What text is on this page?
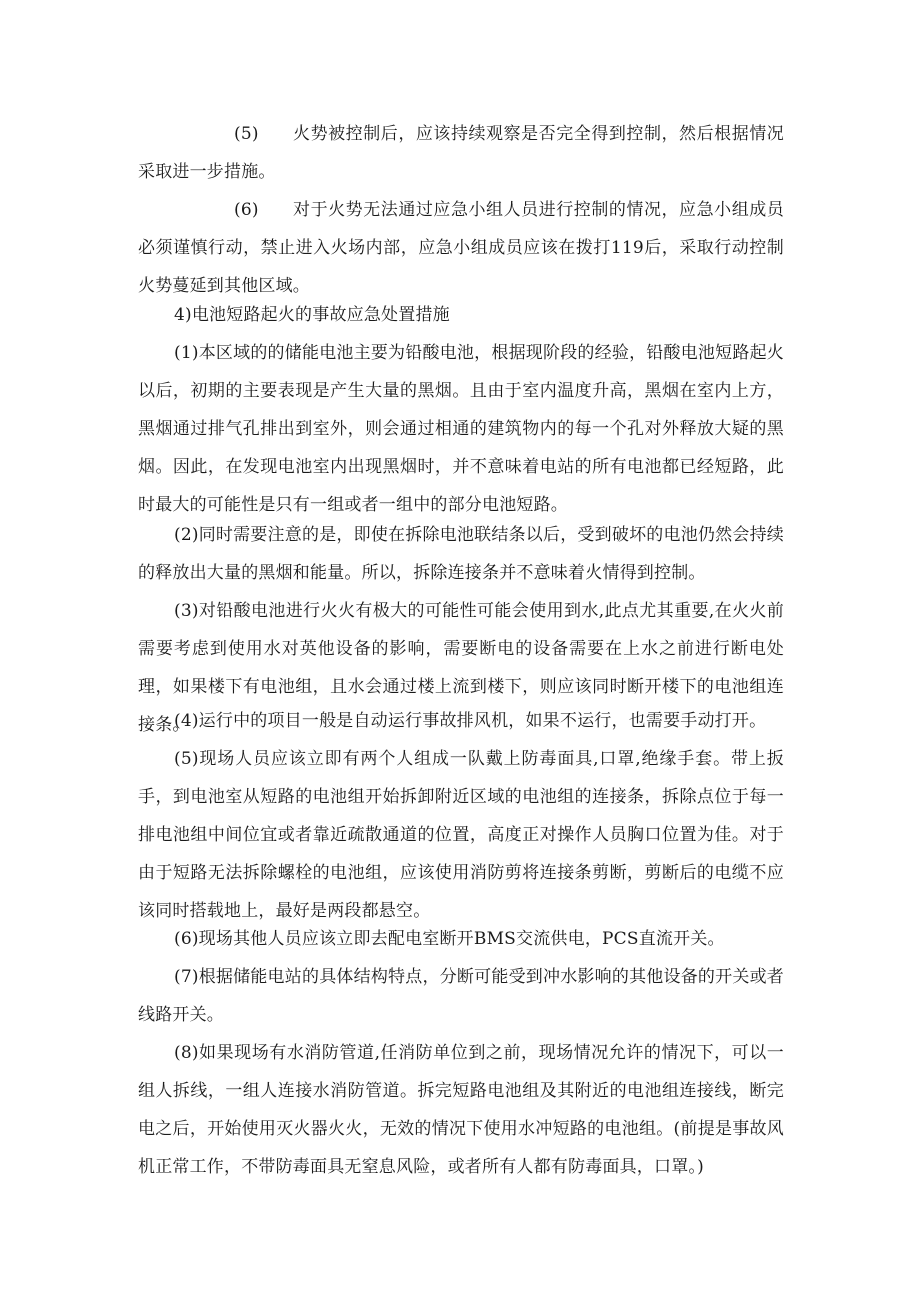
(5) 火势被控制后，应该持续观察是否完全得到控制，然后根据情况采取进一步措施。
(6) 对于火势无法通过应急小组人员进行控制的情况，应急小组成员必须谨慎行动，禁止进入火场内部，应急小组成员应该在拨打119后，采取行动控制火势蔓延到其他区域。
4)电池短路起火的事故应急处置措施
(1)本区域的的储能电池主要为铅酸电池，根据现阶段的经验，铅酸电池短路起火以后，初期的主要表现是产生大量的黑烟。且由于室内温度升高，黑烟在室内上方，黑烟通过排气孔排出到室外，则会通过相通的建筑物内的每一个孔对外释放大疑的黑烟。因此，在发现电池室内出现黑烟时，并不意味着电站的所有电池都已经短路，此时最大的可能性是只有一组或者一组中的部分电池短路。
(2)同时需要注意的是，即使在拆除电池联结条以后，受到破坏的电池仍然会持续的释放出大量的黑烟和能量。所以，拆除连接条并不意味着火情得到控制。
(3)对铅酸电池进行火火有极大的可能性可能会使用到水,此点尤其重要,在火火前需要考虑到使用水对英他设备的影响，需要断电的设备需要在上水之前进行断电处理，如果楼下有电池组，且水会通过楼上流到楼下，则应该同时断开楼下的电池组连接条。
(4)运行中的项目一般是自动运行事故排风机，如果不运行，也需要手动打开。
(5)现场人员应该立即有两个人组成一队戴上防毒面具,口罩,绝缘手套。带上扳手，到电池室从短路的电池组开始拆卸附近区域的电池组的连接条，拆除点位于每一排电池组中间位宜或者靠近疏散通道的位置，高度正对操作人员胸口位置为佳。对于由于短路无法拆除螺栓的电池组，应该使用消防剪将连接条剪断，剪断后的电缆不应该同时搭载地上，最好是两段都悬空。
(6)现场其他人员应该立即去配电室断开BMS交流供电，PCS直流开关。
(7)根据储能电站的具体结构特点，分断可能受到冲水影响的其他设备的开关或者线路开关。
(8)如果现场有水消防管道,任消防单位到之前，现场情况允许的情况下，可以一组人拆线，一组人连接水消防管道。拆完短路电池组及其附近的电池组连接线，断完电之后，开始使用灭火器火火，无效的情况下使用水冲短路的电池组。(前提是事故风机正常工作，不带防毒面具无窒息风险，或者所有人都有防毒面具，口罩。)
